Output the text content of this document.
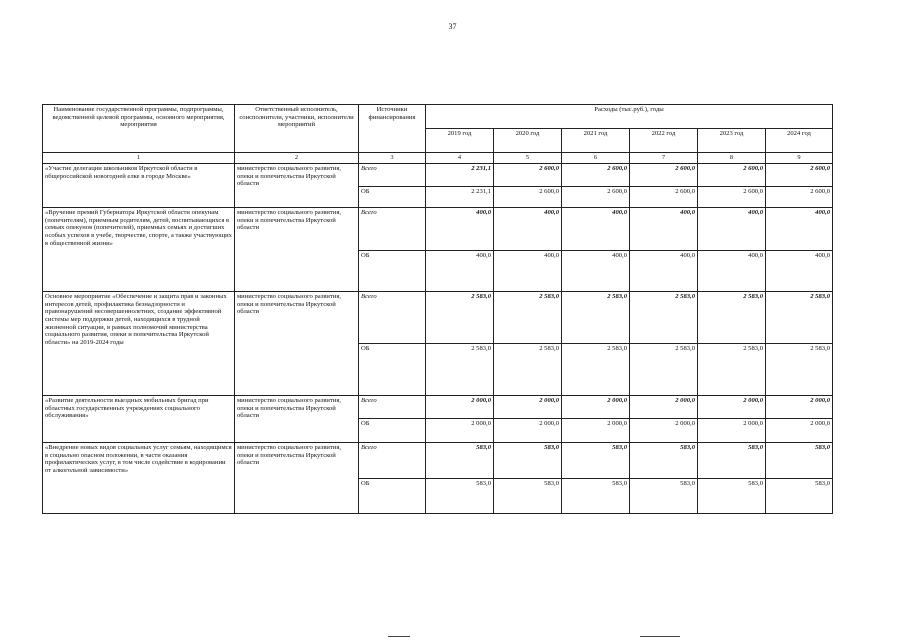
37
Наименование государственной программы, подпрограммы, ведомственной целевой программы, основного мероприятия, мероприятия	Ответственный исполнитель, соисполнители, участники, исполнители мероприятий	Источники финансирования	Расходы (тыс.руб.), годы					
			2019 год	2020 год	2021 год	2022 год	2023 год	2024 год
1	2	3	4	5	6	7	8	9
«Участие делегации школьников Иркутской области в общероссийской новогодней елке в городе Москве»	министерство социального развития, опеки и попечительства Иркутской области	Всего	2 231,1	2 600,0	2 600,0	2 600,0	2 600,0	2 600,0
		ОБ	2 231,1	2 600,0	2 600,0	2 600,0	2 600,0	2 600,0
«Вручение премий Губернатора Иркутской области опекунам (попечителям), приемным родителям, детей, воспитывающихся в семьях опекунов (попечителей), приемных семьях и достигших особых успехов в учебе, творчестве, спорте, а также участвующих в общественной жизни»	министерство социального развития, опеки и попечительства Иркутской области	Всего	400,0	400,0	400,0	400,0	400,0	400,0
		ОБ	400,0	400,0	400,0	400,0	400,0	400,0
Основное мероприятие «Обеспечение и защита прав и законных интересов детей, профилактика безнадзорности и правонарушений несовершеннолетних, создание эффективной системы мер поддержки детей, находящихся в трудной жизненной ситуации, в рамках полномочий министерства социального развития, опеки и попечительства Иркутской области» на 2019-2024 годы	министерство социального развития, опеки и попечительства Иркутской области	Всего	2 583,0	2 583,0	2 583,0	2 583,0	2 583,0	2 583,0
		ОБ	2 583,0	2 583,0	2 583,0	2 583,0	2 583,0	2 583,0
«Развитие деятельности выездных мобильных бригад при областных государственных учреждениях социального обслуживания»	министерство социального развития, опеки и попечительства Иркутской области	Всего	2 000,0	2 000,0	2 000,0	2 000,0	2 000,0	2 000,0
		ОБ	2 000,0	2 000,0	2 000,0	2 000,0	2 000,0	2 000,0
«Внедрение новых видов социальных услуг семьям, находящимся в социально опасном положении, в части оказания профилактических услуг, в том числе содействие в кодировании от алкогольной зависимости»	министерство социального развития, опеки и попечительства Иркутской области	Всего	583,0	583,0	583,0	583,0	583,0	583,0
		ОБ	583,0	583,0	583,0	583,0	583,0	583,0
